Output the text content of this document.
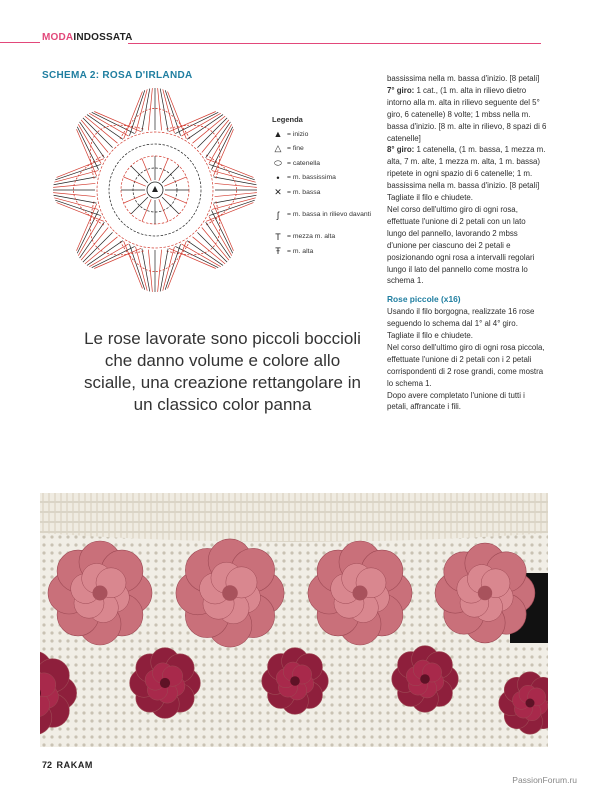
MODAINDOSSATA
SCHEMA 2: ROSA D'IRLANDA
Legenda
▲ = inizio
△ = fine
⬭ = catenella
•	= m. bassissima
✕ = m. bassa
ʃ	= m. bassa in rilievo davanti
T = mezza m. alta
Ŧ = m. alta

bassissima nella m. bassa d'inizio. [8 petali]

7° giro: 1 cat., (1 m. alta in rilievo dietro intorno alla m. alta in rilievo seguente del 5° giro, 6 catenelle) 8 volte; 1 mbss nella m. bassa d'inizio. [8 m. alte in rilievo, 8 spazi di 6 catenelle]

8° giro: 1 catenella, (1 m. bassa, 1 mezza m. alta, 7 m. alte, 1 mezza m. alta, 1 m. bassa) ripetete in ogni spazio di 6 catenelle; 1 m. bassissima nella m. bassa d'inizio. [8 petali]

Tagliate il filo e chiudete.

Nel corso dell'ultimo giro di ogni rosa, effettuate l'unione di 2 petali con un lato lungo del pannello, lavorando 2 mbss d'unione per ciascuno dei 2 petali e posizionando ogni rosa a intervalli regolari lungo il lato del pannello come mostra lo schema 1.

Rose piccole (x16)

Usando il filo borgogna, realizzate 16 rose seguendo lo schema dal 1° al 4° giro.

Tagliate il filo e chiudete.

Nel corso dell'ultimo giro di ogni rosa piccola, effettuate l'unione di 2 petali con i 2 petali corrispondenti di 2 rose grandi, come mostra lo schema 1.

Dopo avere completato l'unione di tutti i petali, affrancate i fili.

Le rose lavorate sono piccoli boccioli che danno volume e colore allo scialle, una creazione rettangolare in un classico color panna
72 RAKAM
PassionForum.ru
